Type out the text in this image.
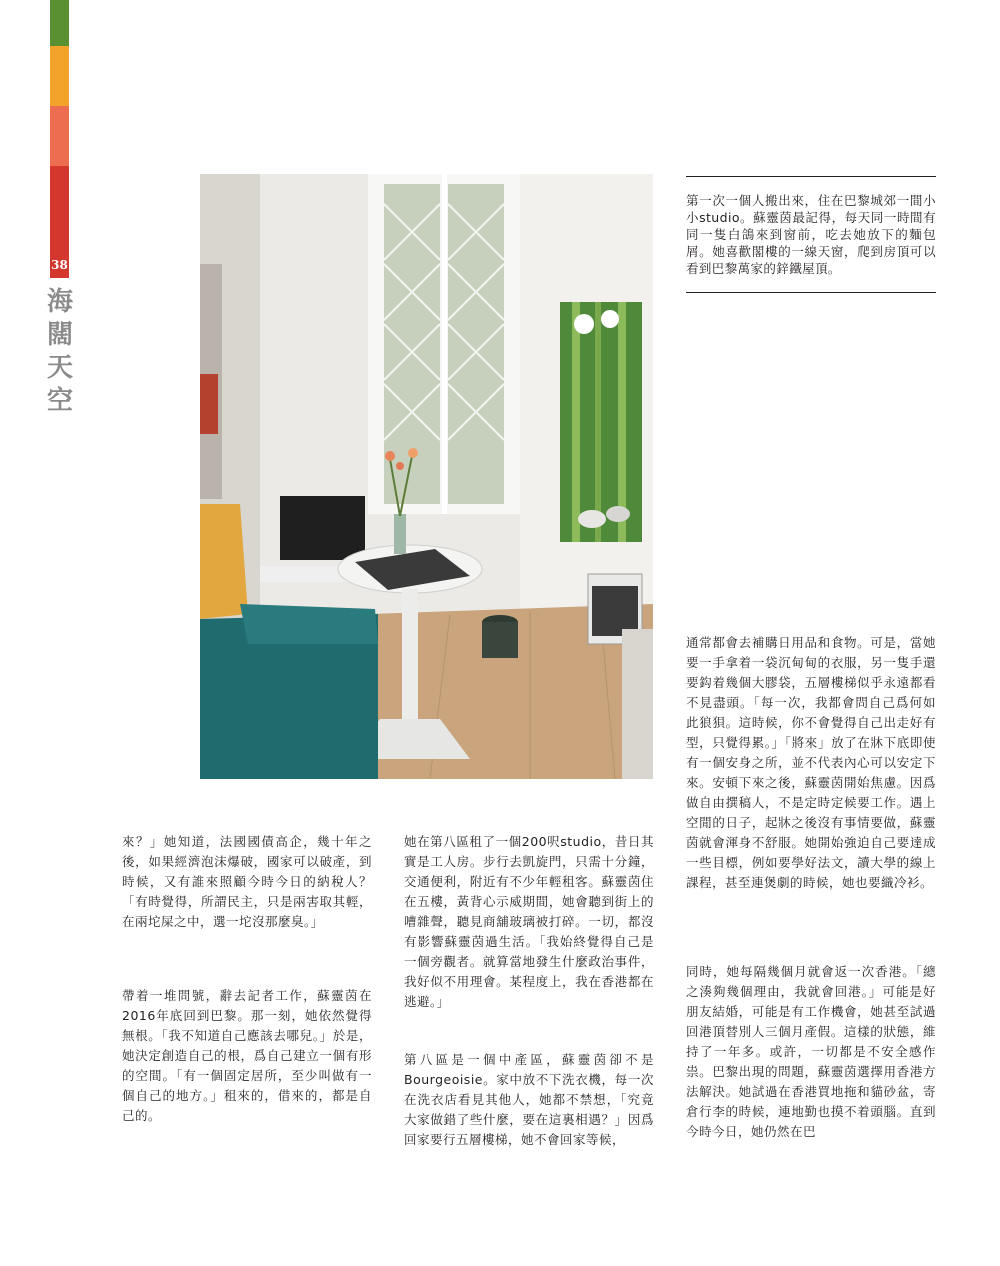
38
海
闊
天
空
第一次一個人搬出來，住在巴黎城郊一間小小studio。蘇靈茵最記得，每天同一時間有同一隻白鴿來到窗前，吃去她放下的麵包屑。她喜歡閣樓的一線天窗，爬到房頂可以看到巴黎萬家的鋅鐵屋頂。
通常都會去補購日用品和食物。可是，當她要一手拿着一袋沉甸甸的衣服，另一隻手還要鈎着幾個大膠袋，五層樓梯似乎永遠都看不見盡頭。「每一次，我都會問自己爲何如此狼狽。這時候，你不會覺得自己出走好有型，只覺得累。」「將來」放了在牀下底即使有一個安身之所，並不代表內心可以安定下來。安頓下來之後，蘇靈茵開始焦慮。因爲做自由撰稿人，不是定時定候要工作。遇上空閒的日子，起牀之後沒有事情要做，蘇靈茵就會渾身不舒服。她開始強迫自己要達成一些目標，例如要學好法文，讀大學的線上課程，甚至連煲劇的時候，她也要織冷衫。
同時，她每隔幾個月就會返一次香港。「總之湊夠幾個理由，我就會回港。」可能是好朋友結婚，可能是有工作機會，她甚至試過回港頂替別人三個月產假。這樣的狀態，維持了一年多。或許，一切都是不安全感作祟。巴黎出現的問題，蘇靈茵選擇用香港方法解決。她試過在香港買地拖和貓砂盆，寄倉行李的時候，連地勤也摸不着頭腦。直到今時今日，她仍然在巴
來？」她知道，法國國債高企，幾十年之後，如果經濟泡沫爆破，國家可以破產，到時候，又有誰來照顧今時今日的納稅人？「有時覺得，所謂民主，只是兩害取其輕，在兩坨屎之中，選一坨沒那麼臭。」
帶着一堆問號，辭去記者工作，蘇靈茵在2016年底回到巴黎。那一刻，她依然覺得無根。「我不知道自己應該去哪兒。」於是，她決定創造自己的根，爲自己建立一個有形的空間。「有一個固定居所，至少叫做有一個自己的地方。」租來的，借來的，都是自己的。
她在第八區租了一個200呎studio，昔日其實是工人房。步行去凱旋門，只需十分鐘，交通便利，附近有不少年輕租客。蘇靈茵住在五樓，黃背心示威期間，她會聽到街上的嘈雜聲，聽見商舖玻璃被打碎。一切，都沒有影響蘇靈茵過生活。「我始終覺得自己是一個旁觀者。就算當地發生什麼政治事件，我好似不用理會。某程度上，我在香港都在逃避。」
第八區是一個中產區，蘇靈茵卻不是Bourgeoisie。家中放不下洗衣機，每一次在洗衣店看見其他人，她都不禁想，「究竟大家做錯了些什麼，要在這裏相遇？」因爲回家要行五層樓梯，她不會回家等候，
